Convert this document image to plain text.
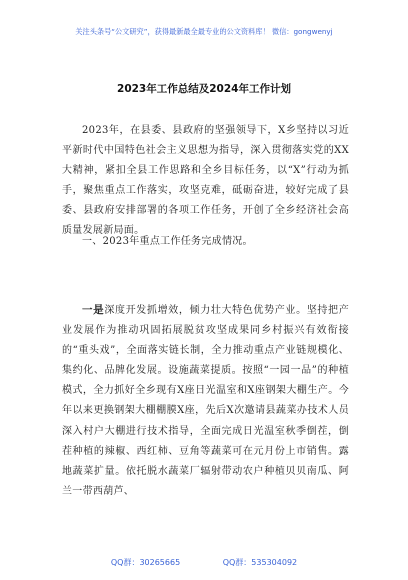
关注头条号“公文研究”，获得最新最全最专业的公文资料库！ 微信：gongwenyj
2023年工作总结及2024年工作计划
2023年，在县委、县政府的坚强领导下，X乡坚持以习近平新时代中国特色社会主义思想为指导，深入贯彻落实党的XX大精神，紧扣全县工作思路和全乡目标任务，以“X”行动为抓手，聚焦重点工作落实，攻坚克难，砥砺奋进，较好完成了县委、县政府安排部署的各项工作任务，开创了全乡经济社会高质量发展新局面。
一、2023年重点工作任务完成情况。
一是深度开发抓增效，倾力壮大特色优势产业。坚持把产业发展作为推动巩固拓展脱贫攻坚成果同乡村振兴有效衔接的“重头戏”，全面落实链长制，全力推动重点产业链规模化、集约化、品牌化发展。设施蔬菜提质。按照“一园一品”的种植模式，全力抓好全乡现有X座日光温室和X座钢架大棚生产。今年以来更换钢架大棚棚膜X座，先后X次邀请县蔬菜办技术人员深入村户大棚进行技术指导，全面完成日光温室秋季倒茬，倒茬种植的辣椒、西红柿、豆角等蔬菜可在元月份上市销售。露地蔬菜扩量。依托脱水蔬菜厂辐射带动农户种植贝贝南瓜、阿兰一带西葫芦、
QQ群：30265665	QQ群：535304092
